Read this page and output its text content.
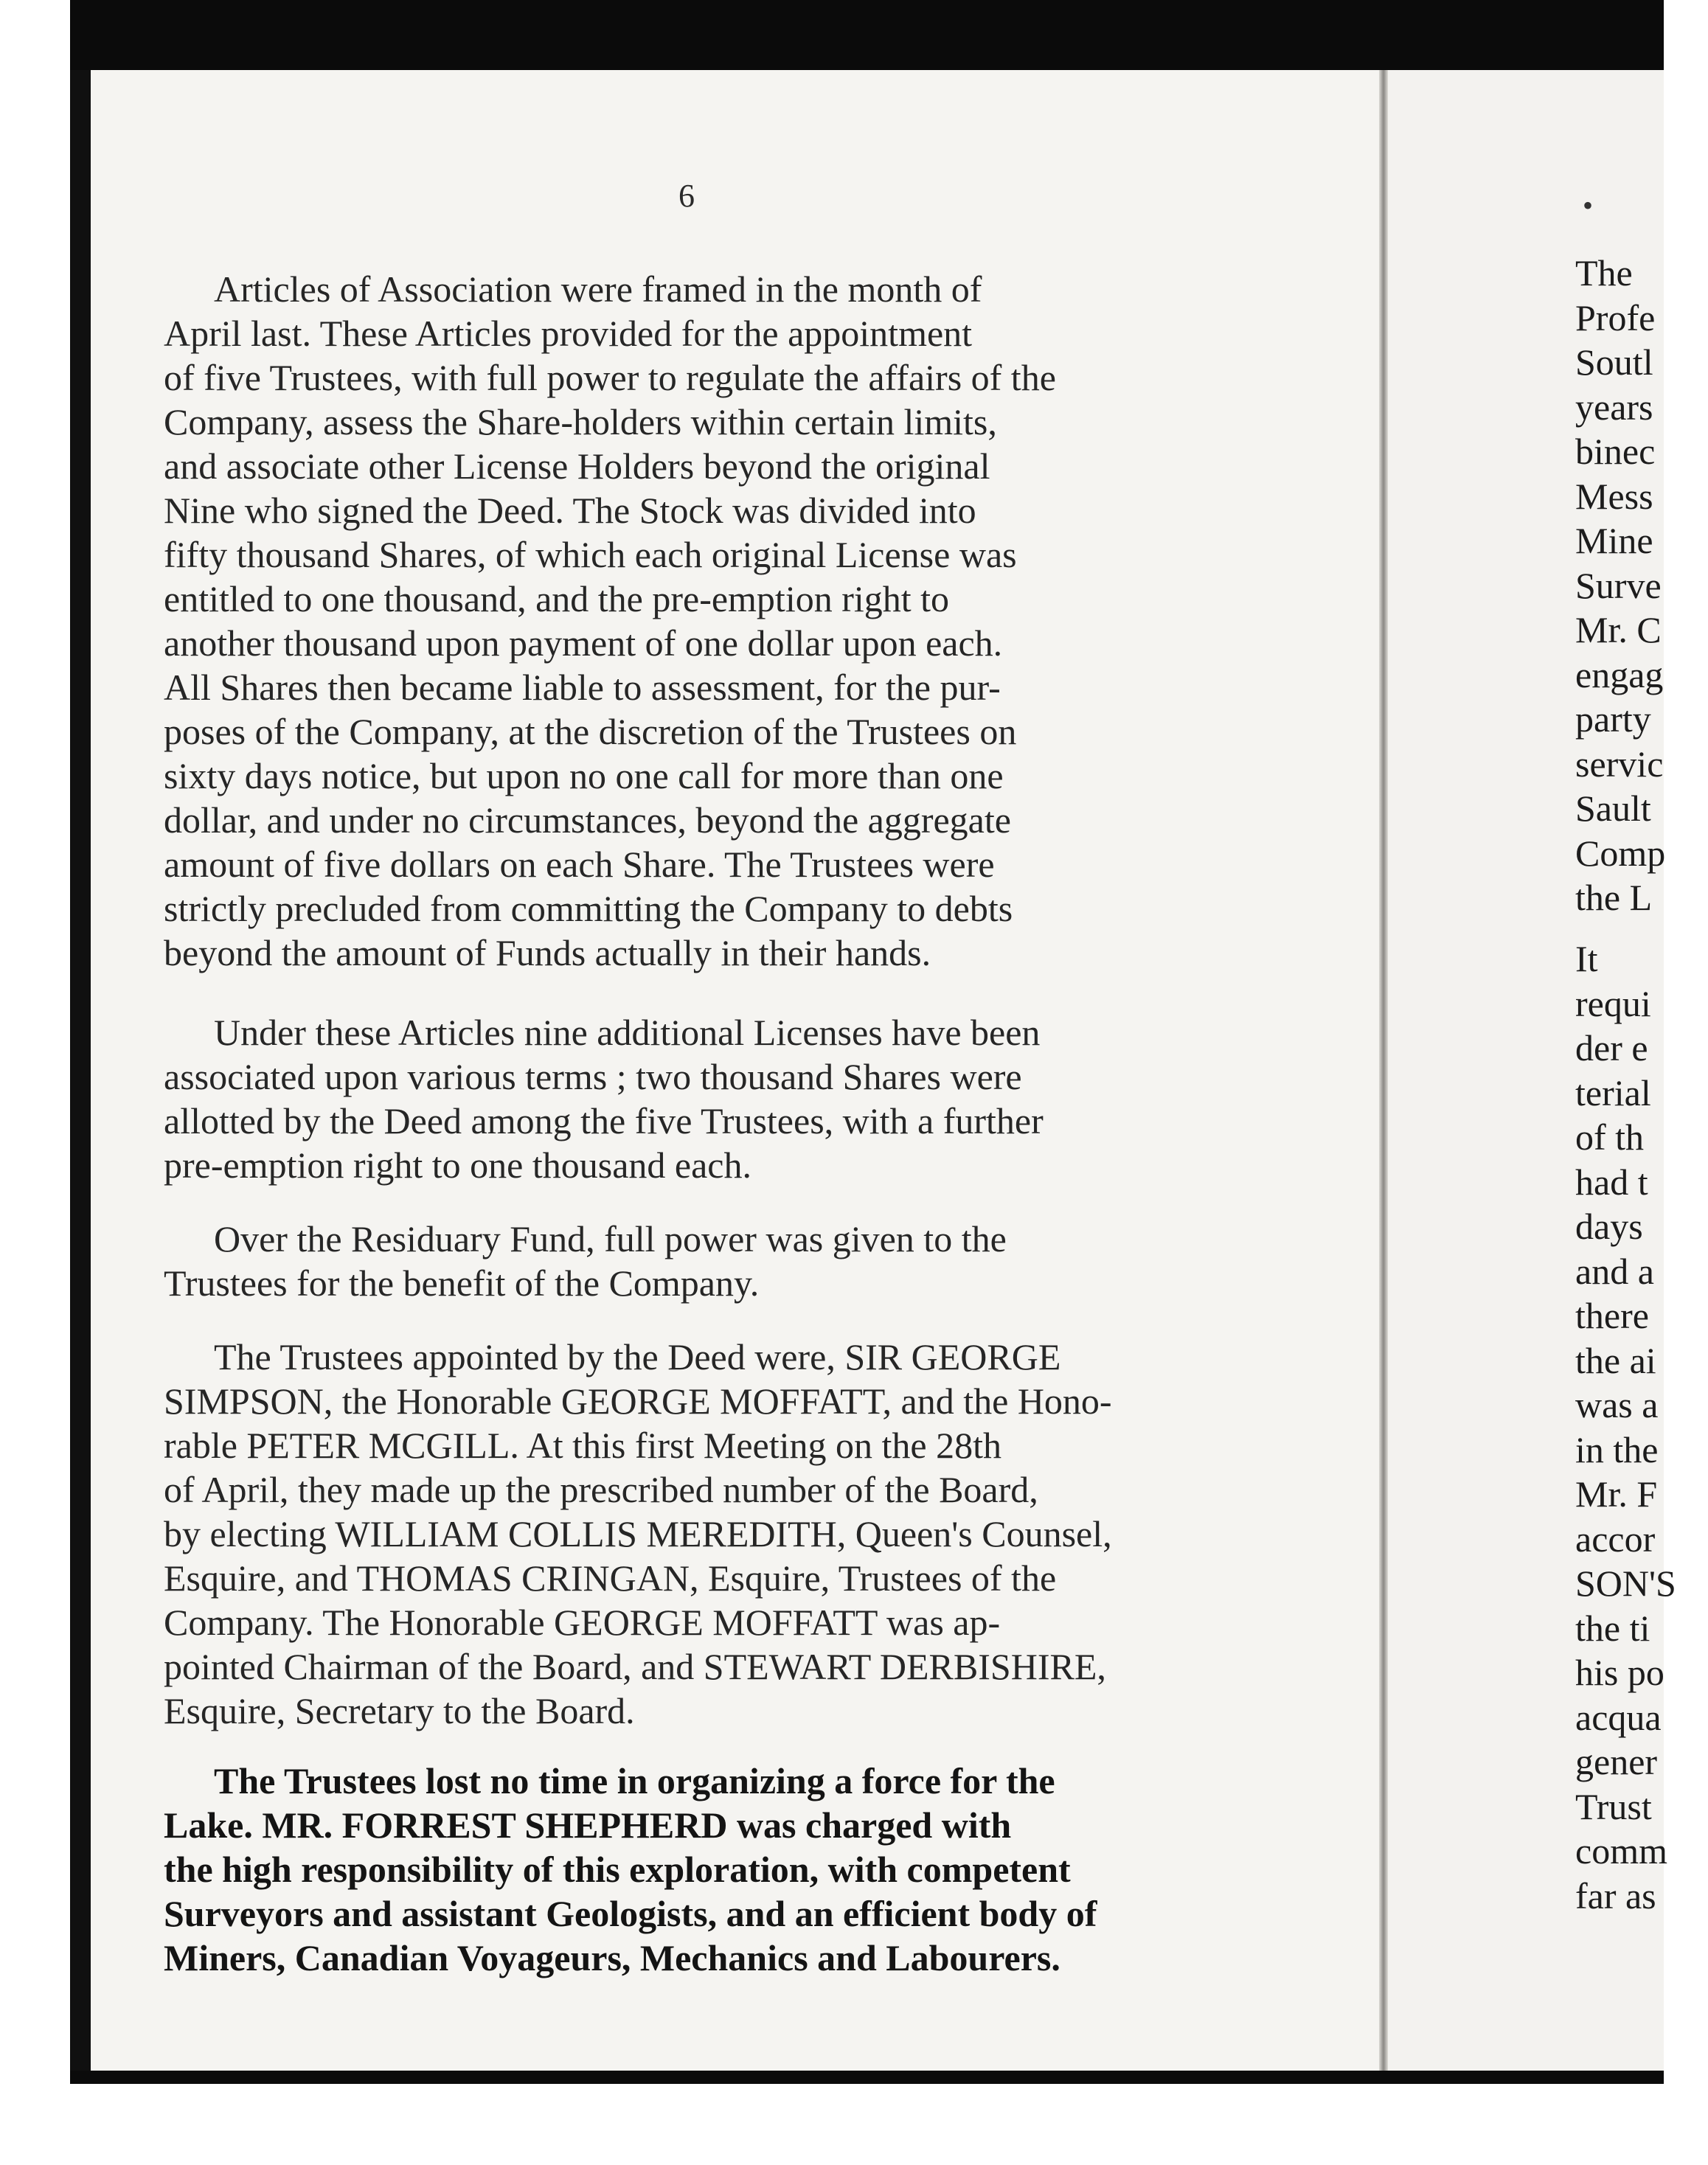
6	•
Articles of Association were framed in the month of
April last. These Articles provided for the appointment
of five Trustees, with full power to regulate the affairs of the
Company, assess the Share-holders within certain limits,
and associate other License Holders beyond the original
Nine who signed the Deed. The Stock was divided into
fifty thousand Shares, of which each original License was
entitled to one thousand, and the pre-emption right to
another thousand upon payment of one dollar upon each.
All Shares then became liable to assessment, for the pur-
poses of the Company, at the discretion of the Trustees on
sixty days notice, but upon no one call for more than one
dollar, and under no circumstances, beyond the aggregate
amount of five dollars on each Share. The Trustees were
strictly precluded from committing the Company to debts
beyond the amount of Funds actually in their hands.
Under these Articles nine additional Licenses have been
associated upon various terms ; two thousand Shares were
allotted by the Deed among the five Trustees, with a further
pre-emption right to one thousand each.
Over the Residuary Fund, full power was given to the
Trustees for the benefit of the Company.
The Trustees appointed by the Deed were, SIR GEORGE
SIMPSON, the Honorable GEORGE MOFFATT, and the Hono-
rable PETER MCGILL. At this first Meeting on the 28th
of April, they made up the prescribed number of the Board,
by electing WILLIAM COLLIS MEREDITH, Queen's Counsel,
Esquire, and THOMAS CRINGAN, Esquire, Trustees of the
Company. The Honorable GEORGE MOFFATT was ap-
pointed Chairman of the Board, and STEWART DERBISHIRE,
Esquire, Secretary to the Board.
The Trustees lost no time in organizing a force for the
Lake. MR. FORREST SHEPHERD was charged with
the high responsibility of this exploration, with competent
Surveyors and assistant Geologists, and an efficient body of
Miners, Canadian Voyageurs, Mechanics and Labourers.
The
Profe
Soutl
years
binec
Mess
Mine
Surve
Mr. C
engag
party
servic
Sault
Comp
the L
It
requi
der e
terial
of th
had t
days
and a
there
the ai
was a
in the
Mr. F
accor
SON'S
the ti
his po
acqua
gener
Trust
comm
far as
